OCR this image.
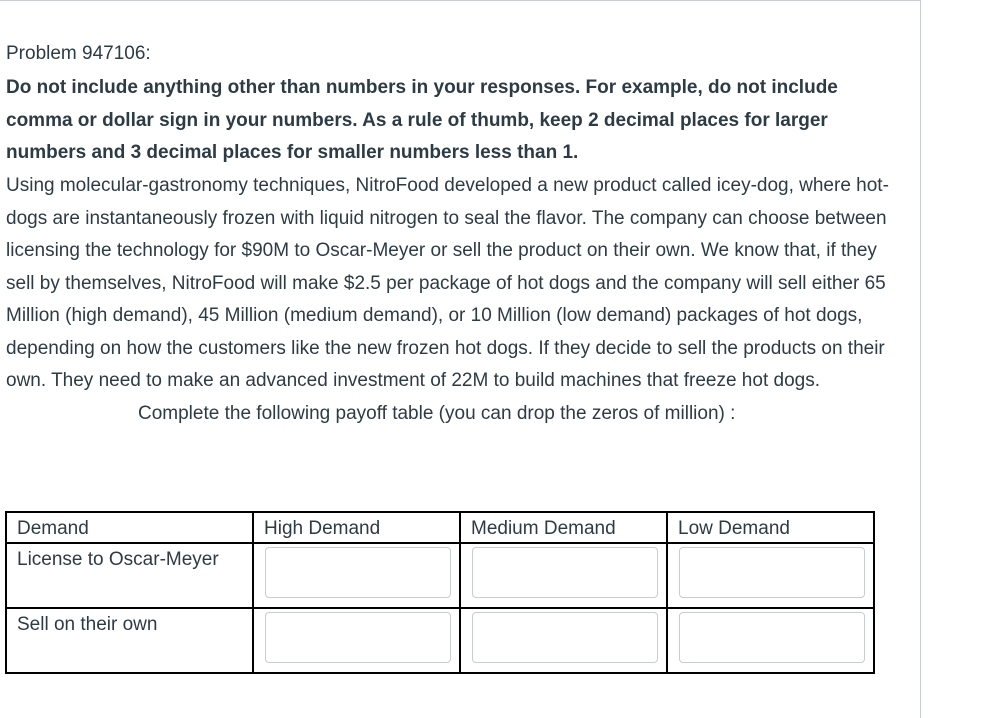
Problem 947106:

Do not include anything other than numbers in your responses. For example, do not include comma or dollar sign in your numbers. As a rule of thumb, keep 2 decimal places for larger numbers and 3 decimal places for smaller numbers less than 1.

Using molecular-gastronomy techniques, NitroFood developed a new product called icey-dog, where hot-dogs are instantaneously frozen with liquid nitrogen to seal the flavor. The company can choose between licensing the technology for $90M to Oscar-Meyer or sell the product on their own. We know that, if they sell by themselves, NitroFood will make $2.5 per package of hot dogs and the company will sell either 65 Million (high demand), 45 Million (medium demand), or 10 Million (low demand) packages of hot dogs, depending on how the customers like the new frozen hot dogs. If they decide to sell the products on their own. They need to make an advanced investment of 22M to build machines that freeze hot dogs.

Complete the following payoff table (you can drop the zeros of million) :

Demand	High Demand	Medium Demand	Low Demand

License to Oscar-Meyer

Sell on their own
